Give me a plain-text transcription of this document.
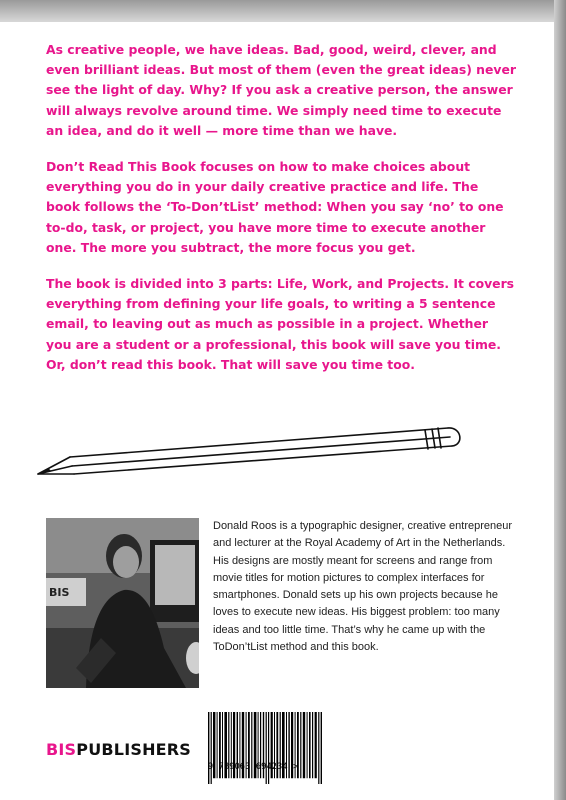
As creative people, we have ideas. Bad, good, weird, clever, and even brilliant ideas. But most of them (even the great ideas) never see the light of day. Why? If you ask a creative person, the answer will always revolve around time. We simply need time to execute an idea, and do it well — more time than we have.

Don’t Read This Book focuses on how to make choices about everything you do in your daily creative practice and life. The book follows the ‘To-Don’tList’ method: When you say ‘no’ to one to-do, task, or project, you have more time to execute another one. The more you subtract, the more focus you get.

The book is divided into 3 parts: Life, Work, and Projects. It covers everything from defining your life goals, to writing a 5 sentence email, to leaving out as much as possible in a project. Whether you are a student or a professional, this book will save you time. Or, don’t read this book. That will save you time too.

BIS
Donald Roos is a typographic designer, creative entrepreneur and lecturer at the Royal Academy of Art in the Netherlands. His designs are mostly meant for screens and range from movie titles for motion pictures to complex interfaces for smartphones. Donald sets up his own projects because he loves to execute new ideas. His biggest problem: too many ideas and too little time. That’s why he came up with the ToDon’tList method and this book.
9 789063 694234 >
BISPUBLISHERS
